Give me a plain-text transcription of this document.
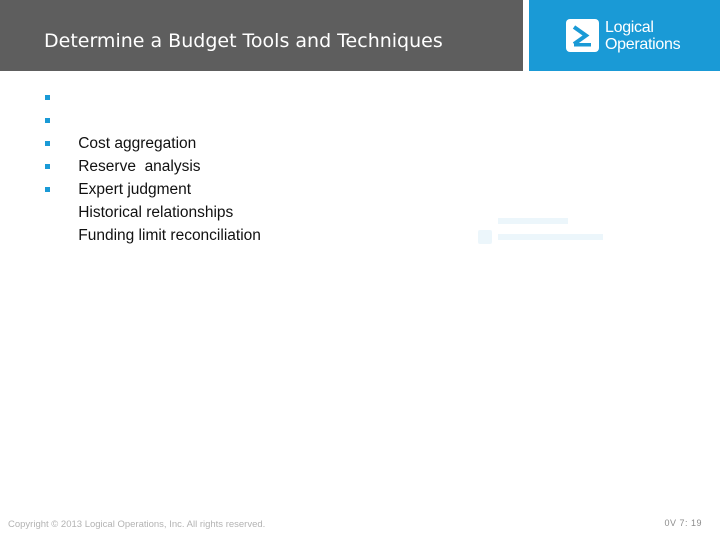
Determine a Budget Tools and Techniques
Logical
Operations

Cost aggregation

Reserve  analysis

Expert judgment

Historical relationships

Funding limit reconciliation

Copyright © 2013 Logical Operations, Inc. All rights reserved.	0V 7: 19
